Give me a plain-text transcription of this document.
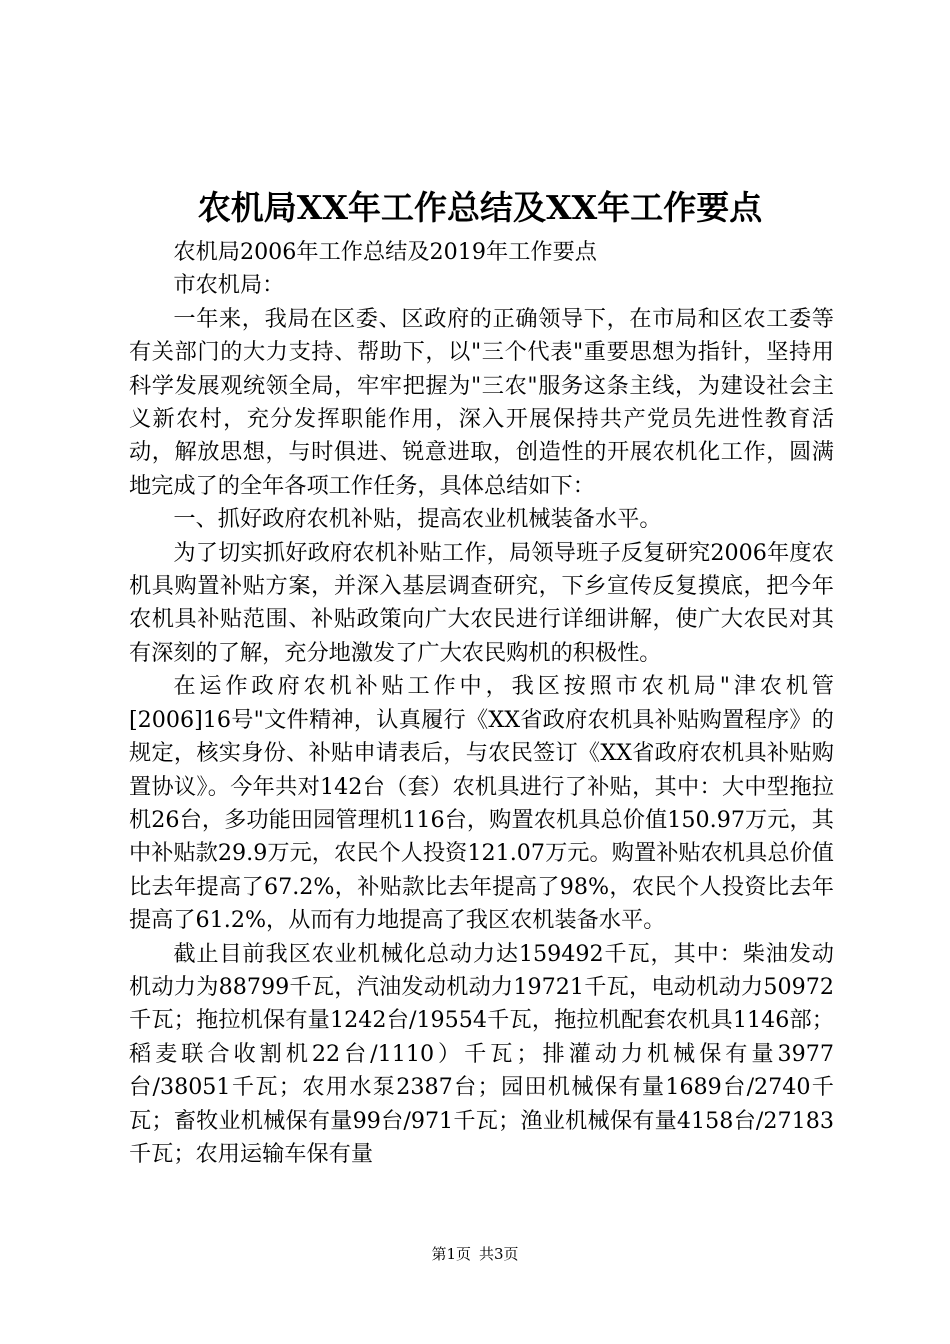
农机局XX年工作总结及XX年工作要点

农机局2006年工作总结及2019年工作要点

市农机局：

一年来，我局在区委、区政府的正确领导下，在市局和区农工委等有关部门的大力支持、帮助下，以"三个代表"重要思想为指针，坚持用科学发展观统领全局，牢牢把握为"三农"服务这条主线，为建设社会主义新农村，充分发挥职能作用，深入开展保持共产党员先进性教育活动，解放思想，与时俱进、锐意进取，创造性的开展农机化工作，圆满地完成了的全年各项工作任务，具体总结如下：

一、抓好政府农机补贴，提高农业机械装备水平。

为了切实抓好政府农机补贴工作，局领导班子反复研究2006年度农机具购置补贴方案，并深入基层调查研究，下乡宣传反复摸底，把今年农机具补贴范围、补贴政策向广大农民进行详细讲解，使广大农民对其有深刻的了解，充分地激发了广大农民购机的积极性。

在运作政府农机补贴工作中，我区按照市农机局"津农机管[2006]16号"文件精神，认真履行《XX省政府农机具补贴购置程序》的规定，核实身份、补贴申请表后，与农民签订《XX省政府农机具补贴购置协议》。今年共对142台（套）农机具进行了补贴，其中：大中型拖拉机26台，多功能田园管理机116台，购置农机具总价值150.97万元，其中补贴款29.9万元，农民个人投资121.07万元。购置补贴农机具总价值比去年提高了67.2%，补贴款比去年提高了98%，农民个人投资比去年提高了61.2%，从而有力地提高了我区农机装备水平。

截止目前我区农业机械化总动力达159492千瓦，其中：柴油发动机动力为88799千瓦，汽油发动机动力19721千瓦，电动机动力50972千瓦；拖拉机保有量1242台/19554千瓦，拖拉机配套农机具1146部；稻麦联合收割机22台/1110）千瓦；排灌动力机械保有量3977台/38051千瓦；农用水泵2387台；园田机械保有量1689台/2740千瓦；畜牧业机械保有量99台/971千瓦；渔业机械保有量4158台/27183千瓦；农用运输车保有量

第1页 共3页
